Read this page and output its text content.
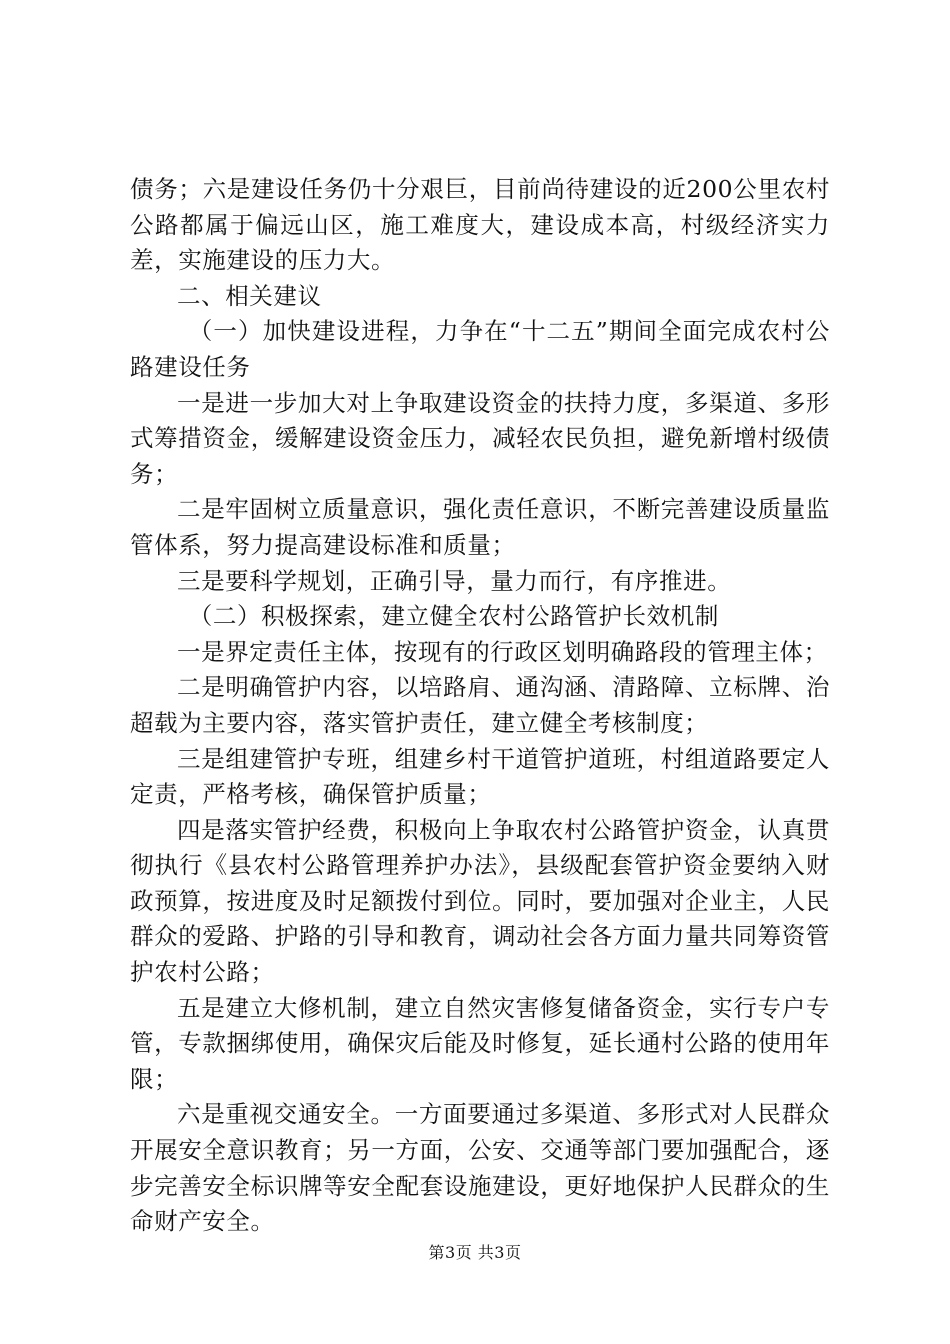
债务；六是建设任务仍十分艰巨，目前尚待建设的近200公里农村公路都属于偏远山区，施工难度大，建设成本高，村级经济实力差，实施建设的压力大。

二、相关建议

（一）加快建设进程，力争在“十二五”期间全面完成农村公路建设任务

一是进一步加大对上争取建设资金的扶持力度，多渠道、多形式筹措资金，缓解建设资金压力，减轻农民负担，避免新增村级债务；

二是牢固树立质量意识，强化责任意识，不断完善建设质量监管体系，努力提高建设标准和质量；

三是要科学规划，正确引导，量力而行，有序推进。

（二）积极探索，建立健全农村公路管护长效机制

一是界定责任主体，按现有的行政区划明确路段的管理主体；

二是明确管护内容，以培路肩、通沟涵、清路障、立标牌、治超载为主要内容，落实管护责任，建立健全考核制度；

三是组建管护专班，组建乡村干道管护道班，村组道路要定人定责，严格考核，确保管护质量；

四是落实管护经费，积极向上争取农村公路管护资金，认真贯彻执行《县农村公路管理养护办法》，县级配套管护资金要纳入财政预算，按进度及时足额拨付到位。同时，要加强对企业主，人民群众的爱路、护路的引导和教育，调动社会各方面力量共同筹资管护农村公路；

五是建立大修机制，建立自然灾害修复储备资金，实行专户专管，专款捆绑使用，确保灾后能及时修复，延长通村公路的使用年限；

六是重视交通安全。一方面要通过多渠道、多形式对人民群众开展安全意识教育；另一方面，公安、交通等部门要加强配合，逐步完善安全标识牌等安全配套设施建设，更好地保护人民群众的生命财产安全。

第3页 共3页
